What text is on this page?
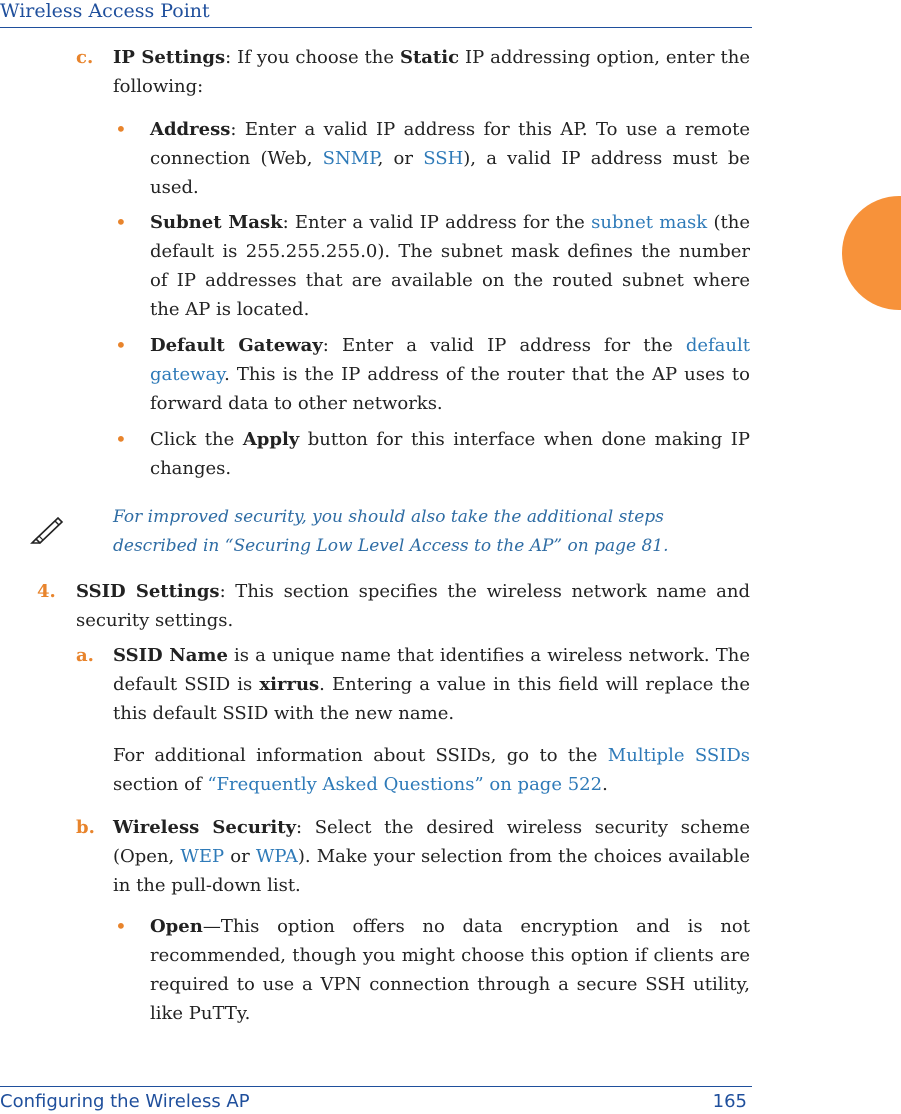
Wireless Access Point
c. IP Settings: If you choose the Static IP addressing option, enter the following:
• Address: Enter a valid IP address for this AP. To use a remote connection (Web, SNMP, or SSH), a valid IP address must be used.
• Subnet Mask: Enter a valid IP address for the subnet mask (the default is 255.255.255.0). The subnet mask defines the number of IP addresses that are available on the routed subnet where the AP is located.
• Default Gateway: Enter a valid IP address for the default gateway. This is the IP address of the router that the AP uses to forward data to other networks.
• Click the Apply button for this interface when done making IP changes.
For improved security, you should also take the additional steps described in “Securing Low Level Access to the AP” on page 81.
4. SSID Settings: This section specifies the wireless network name and security settings.
a. SSID Name is a unique name that identifies a wireless network. The default SSID is xirrus. Entering a value in this field will replace the this default SSID with the new name.
For additional information about SSIDs, go to the Multiple SSIDs section of “Frequently Asked Questions” on page 522.
b. Wireless Security: Select the desired wireless security scheme (Open, WEP or WPA). Make your selection from the choices available in the pull-down list.
• Open—This option offers no data encryption and is not recommended, though you might choose this option if clients are required to use a VPN connection through a secure SSH utility, like PuTTy.
Configuring the Wireless AP	165
